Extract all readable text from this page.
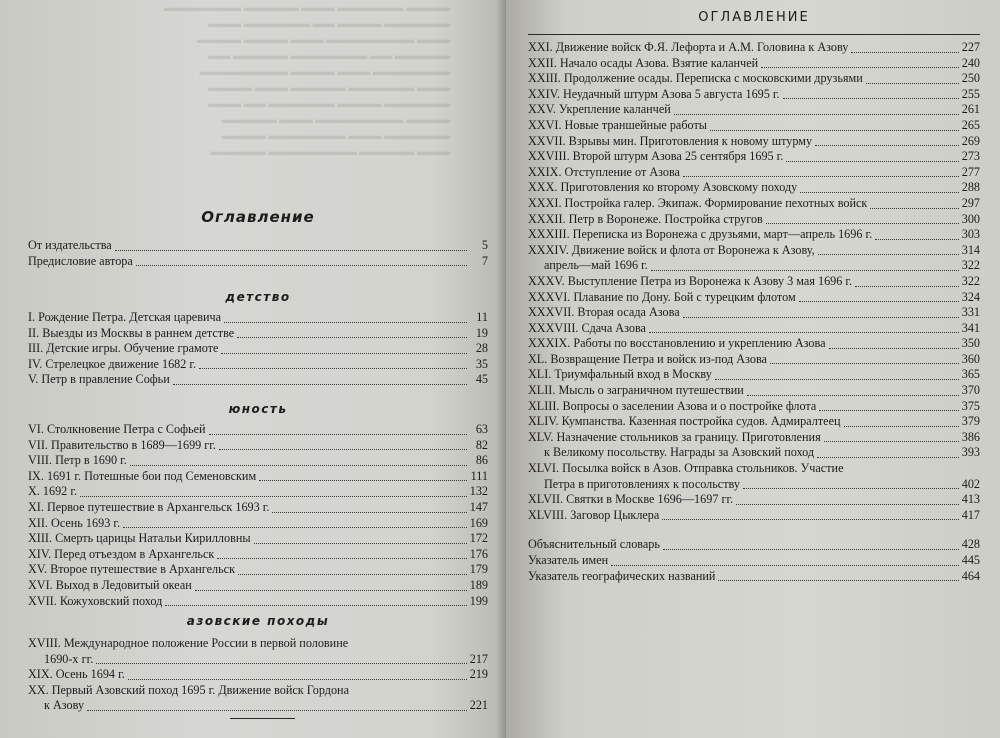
▬▬▬▬ ▬▬▬▬▬▬ ▬▬▬ ▬▬▬▬▬ ▬▬▬▬▬▬▬
▬▬▬▬▬▬ ▬▬▬▬ ▬▬ ▬▬▬▬▬▬ ▬▬▬
▬▬▬ ▬▬▬▬▬▬▬▬ ▬▬▬ ▬▬▬▬ ▬▬▬▬
▬▬▬▬▬ ▬▬ ▬▬▬▬▬▬▬ ▬▬▬▬▬ ▬▬
▬▬▬▬▬▬▬ ▬▬▬ ▬▬▬▬ ▬▬▬▬▬▬▬▬
▬▬▬ ▬▬▬▬▬▬ ▬▬▬▬▬ ▬▬▬ ▬▬▬▬
▬▬▬▬▬▬ ▬▬▬▬ ▬▬▬▬▬▬ ▬▬ ▬▬▬
▬▬▬▬ ▬▬▬▬▬▬▬▬ ▬▬▬ ▬▬▬▬▬
▬▬▬▬▬▬ ▬▬▬ ▬▬▬▬▬▬▬ ▬▬▬▬
▬▬▬ ▬▬▬▬▬ ▬▬▬▬▬▬▬▬ ▬▬▬▬▬
Оглавление
От издательства	5
Предисловие автора	7
детство
I. Рождение Петра. Детская царевича	11
II. Выезды из Москвы в раннем детстве	19
III. Детские игры. Обучение грамоте	28
IV. Стрелецкое движение 1682 г.	35
V. Петр в правление Софьи	45
юность
VI. Столкновение Петра с Софьей	63
VII. Правительство в 1689—1699 гг.	82
VIII. Петр в 1690 г.	86
IX. 1691 г. Потешные бои под Семеновским	111
X. 1692 г.	132
XI. Первое путешествие в Архангельск 1693 г.	147
XII. Осень 1693 г.	169
XIII. Смерть царицы Натальи Кирилловны	172
XIV. Перед отъездом в Архангельск	176
XV. Второе путешествие в Архангельск	179
XVI. Выход в Ледовитый океан	189
XVII. Кожуховский поход	199
азовские походы
XVIII. Международное положение России в первой половине
1690-х гг.	217
XIX. Осень 1694 г.	219
XX. Первый Азовский поход 1695 г. Движение войск Гордона
к Азову	221
ОГЛАВЛЕНИЕ
XXI. Движение войск Ф.Я. Лефорта и А.М. Головина к Азову	227
XXII. Начало осады Азова. Взятие каланчей	240
XXIII. Продолжение осады. Переписка с московскими друзьями	250
XXIV. Неудачный штурм Азова 5 августа 1695 г.	255
XXV. Укрепление каланчей	261
XXVI. Новые траншейные работы	265
XXVII. Взрывы мин. Приготовления к новому штурму	269
XXVIII. Второй штурм Азова 25 сентября 1695 г.	273
XXIX. Отступление от Азова	277
XXX. Приготовления ко второму Азовскому походу	288
XXXI. Постройка галер. Экипаж. Формирование пехотных войск	297
XXXII. Петр в Воронеже. Постройка стругов	300
XXXIII. Переписка из Воронежа с друзьями, март—апрель 1696 г.	303
XXXIV. Движение войск и флота от Воронежа к Азову,	314
апрель—май 1696 г.	322
XXXV. Выступление Петра из Воронежа к Азову 3 мая 1696 г.	322
XXXVI. Плавание по Дону. Бой с турецким флотом	324
XXXVII. Вторая осада Азова	331
XXXVIII. Сдача Азова	341
XXXIX. Работы по восстановлению и укреплению Азова	350
XL. Возвращение Петра и войск из-под Азова	360
XLI. Триумфальный вход в Москву	365
XLII. Мысль о заграничном путешествии	370
XLIII. Вопросы о заселении Азова и о постройке флота	375
XLIV. Кумпанства. Казенная постройка судов. Адмиралтеец	379
XLV. Назначение стольников за границу. Приготовления	386
к Великому посольству. Награды за Азовский поход	393
XLVI. Посылка войск в Азов. Отправка стольников. Участие
Петра в приготовлениях к посольству	402
XLVII. Святки в Москве 1696—1697 гг.	413
XLVIII. Заговор Цыклера	417
Объяснительный словарь	428
Указатель имен	445
Указатель географических названий	464
